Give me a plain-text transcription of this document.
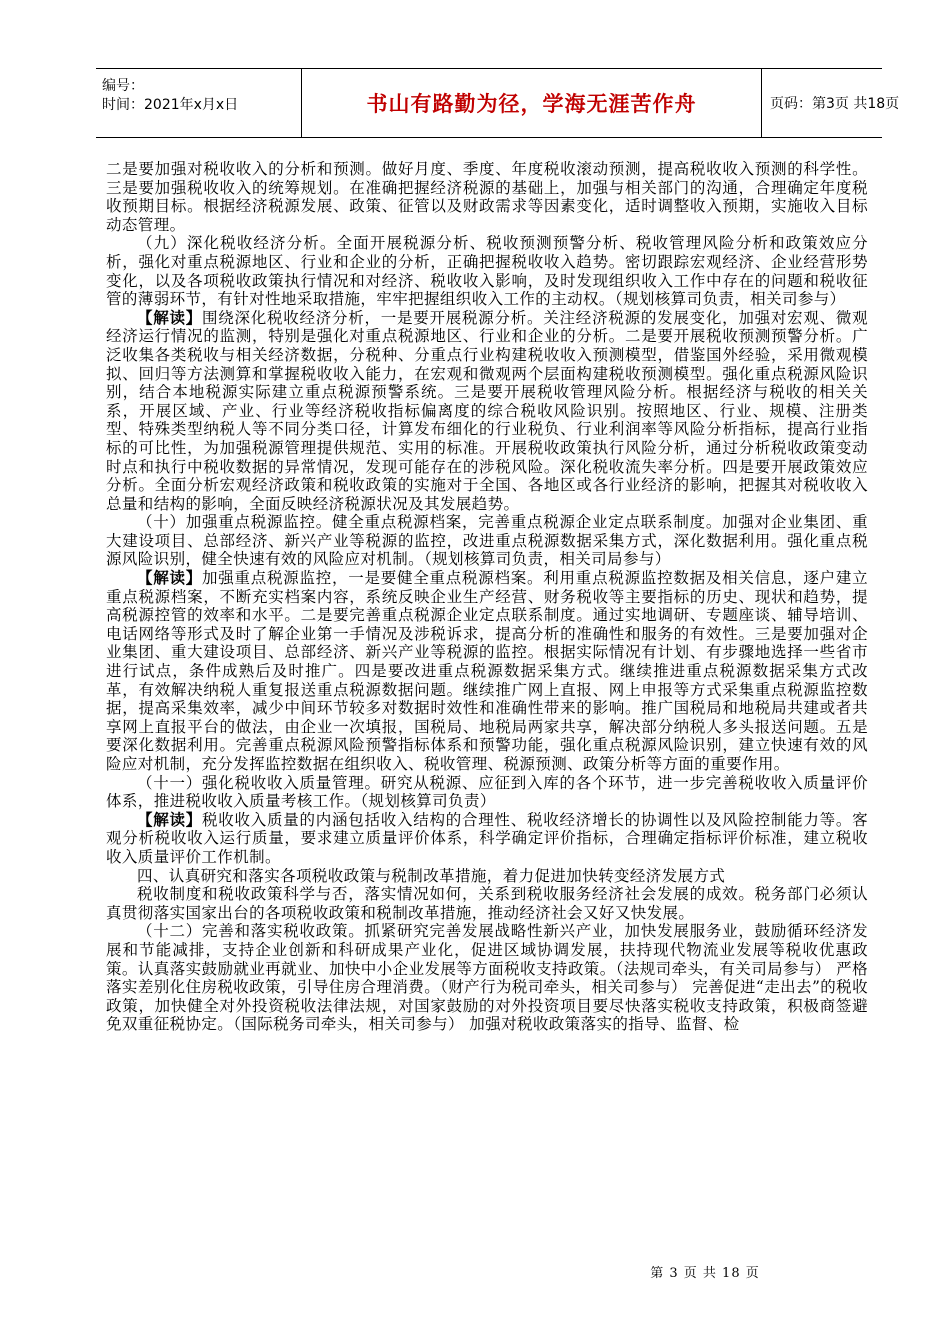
编号：
时间：2021年x月x日	书山有路勤为径，学海无涯苦作舟	页码：第3页 共18页

二是要加强对税收收入的分析和预测。做好月度、季度、年度税收滚动预测，提高税收收入预测的科学性。三是要加强税收收入的统筹规划。在准确把握经济税源的基础上，加强与相关部门的沟通，合理确定年度税收预期目标。根据经济税源发展、政策、征管以及财政需求等因素变化，适时调整收入预期，实施收入目标动态管理。

（九）深化税收经济分析。全面开展税源分析、税收预测预警分析、税收管理风险分析和政策效应分析，强化对重点税源地区、行业和企业的分析，正确把握税收收入趋势。密切跟踪宏观经济、企业经营形势变化，以及各项税收政策执行情况和对经济、税收收入影响，及时发现组织收入工作中存在的问题和税收征管的薄弱环节，有针对性地采取措施，牢牢把握组织收入工作的主动权。（规划核算司负责，相关司参与）

【解读】围绕深化税收经济分析，一是要开展税源分析。关注经济税源的发展变化，加强对宏观、微观经济运行情况的监测，特别是强化对重点税源地区、行业和企业的分析。二是要开展税收预测预警分析。广泛收集各类税收与相关经济数据，分税种、分重点行业构建税收收入预测模型，借鉴国外经验，采用微观模拟、回归等方法测算和掌握税收收入能力，在宏观和微观两个层面构建税收预测模型。强化重点税源风险识别，结合本地税源实际建立重点税源预警系统。三是要开展税收管理风险分析。根据经济与税收的相关关系，开展区域、产业、行业等经济税收指标偏离度的综合税收风险识别。按照地区、行业、规模、注册类型、特殊类型纳税人等不同分类口径，计算发布细化的行业税负、行业利润率等风险分析指标，提高行业指标的可比性，为加强税源管理提供规范、实用的标准。开展税收政策执行风险分析，通过分析税收政策变动时点和执行中税收数据的异常情况，发现可能存在的涉税风险。深化税收流失率分析。四是要开展政策效应分析。全面分析宏观经济政策和税收政策的实施对于全国、各地区或各行业经济的影响，把握其对税收收入总量和结构的影响，全面反映经济税源状况及其发展趋势。

（十）加强重点税源监控。健全重点税源档案，完善重点税源企业定点联系制度。加强对企业集团、重大建设项目、总部经济、新兴产业等税源的监控，改进重点税源数据采集方式，深化数据利用。强化重点税源风险识别，健全快速有效的风险应对机制。（规划核算司负责，相关司局参与）

【解读】加强重点税源监控，一是要健全重点税源档案。利用重点税源监控数据及相关信息，逐户建立重点税源档案，不断充实档案内容，系统反映企业生产经营、财务税收等主要指标的历史、现状和趋势，提高税源控管的效率和水平。二是要完善重点税源企业定点联系制度。通过实地调研、专题座谈、辅导培训、电话网络等形式及时了解企业第一手情况及涉税诉求，提高分析的准确性和服务的有效性。三是要加强对企业集团、重大建设项目、总部经济、新兴产业等税源的监控。根据实际情况有计划、有步骤地选择一些省市进行试点，条件成熟后及时推广。四是要改进重点税源数据采集方式。继续推进重点税源数据采集方式改革，有效解决纳税人重复报送重点税源数据问题。继续推广网上直报、网上申报等方式采集重点税源监控数据，提高采集效率，减少中间环节较多对数据时效性和准确性带来的影响。推广国税局和地税局共建或者共享网上直报平台的做法，由企业一次填报，国税局、地税局两家共享，解决部分纳税人多头报送问题。五是要深化数据利用。完善重点税源风险预警指标体系和预警功能，强化重点税源风险识别，建立快速有效的风险应对机制，充分发挥监控数据在组织收入、税收管理、税源预测、政策分析等方面的重要作用。

（十一）强化税收收入质量管理。研究从税源、应征到入库的各个环节，进一步完善税收收入质量评价体系，推进税收收入质量考核工作。（规划核算司负责）

【解读】税收收入质量的内涵包括收入结构的合理性、税收经济增长的协调性以及风险控制能力等。客观分析税收收入运行质量，要求建立质量评价体系，科学确定评价指标，合理确定指标评价标准，建立税收收入质量评价工作机制。

四、认真研究和落实各项税收政策与税制改革措施，着力促进加快转变经济发展方式

税收制度和税收政策科学与否，落实情况如何，关系到税收服务经济社会发展的成效。税务部门必须认真贯彻落实国家出台的各项税收政策和税制改革措施，推动经济社会又好又快发展。

（十二）完善和落实税收政策。抓紧研究完善发展战略性新兴产业，加快发展服务业，鼓励循环经济发展和节能减排，支持企业创新和科研成果产业化，促进区域协调发展，扶持现代物流业发展等税收优惠政策。认真落实鼓励就业再就业、加快中小企业发展等方面税收支持政策。（法规司牵头，有关司局参与） 严格落实差别化住房税收政策，引导住房合理消费。（财产行为税司牵头，相关司参与） 完善促进“走出去”的税收政策，加快健全对外投资税收法律法规，对国家鼓励的对外投资项目要尽快落实税收支持政策，积极商签避免双重征税协定。（国际税务司牵头，相关司参与） 加强对税收政策落实的指导、监督、检

第 3 页 共 18 页
